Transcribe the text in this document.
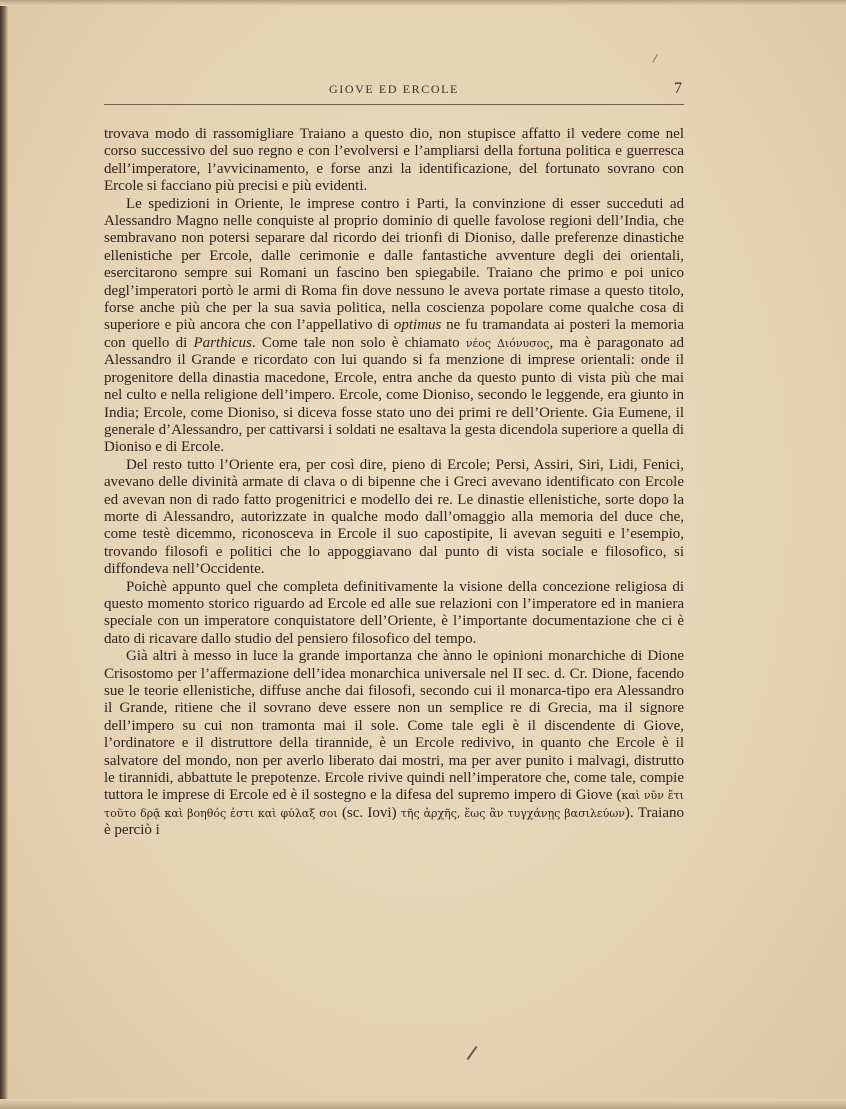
GIOVE ED ERCOLE	7

trovava modo di rassomigliare Traiano a questo dio, non stupisce affatto il vedere come nel corso successivo del suo regno e con l’evolversi e l’ampliarsi della fortuna politica e guerresca dell’imperatore, l’avvicinamento, e forse anzi la identificazione, del fortunato sovrano con Ercole si facciano più precisi e più evidenti.

Le spedizioni in Oriente, le imprese contro i Parti, la convinzione di esser succeduti ad Alessandro Magno nelle conquiste al proprio dominio di quelle favolose regioni dell’India, che sembravano non potersi separare dal ricordo dei trionfi di Dioniso, dalle preferenze dinastiche ellenistiche per Ercole, dalle cerimonie e dalle fantastiche avventure degli dei orientali, esercitarono sempre sui Romani un fascino ben spiegabile. Traiano che primo e poi unico degl’imperatori portò le armi di Roma fin dove nessuno le aveva portate rimase a questo titolo, forse anche più che per la sua savia politica, nella coscienza popolare come qualche cosa di superiore e più ancora che con l’appellativo di optimus ne fu tramandata ai posteri la memoria con quello di Parthicus. Come tale non solo è chiamato νέος Διόνυσος, ma è paragonato ad Alessandro il Grande e ricordato con lui quando si fa menzione di imprese orientali: onde il progenitore della dinastia macedone, Ercole, entra anche da questo punto di vista più che mai nel culto e nella religione dell’impero. Ercole, come Dioniso, secondo le leggende, era giunto in India; Ercole, come Dioniso, si diceva fosse stato uno dei primi re dell’Oriente. Gia Eumene, il generale d’Alessandro, per cattivarsi i soldati ne esaltava la gesta dicendola superiore a quella di Dioniso e di Ercole.

Del resto tutto l’Oriente era, per così dire, pieno di Ercole; Persi, Assiri, Siri, Lidi, Fenici, avevano delle divinità armate di clava o di bipenne che i Greci avevano identificato con Ercole ed avevan non di rado fatto progenitrici e modello dei re. Le dinastie ellenistiche, sorte dopo la morte di Alessandro, autorizzate in qualche modo dall’omaggio alla memoria del duce che, come testè dicemmo, riconosceva in Ercole il suo capostipite, li avevan seguiti e l’esempio, trovando filosofi e politici che lo appoggiavano dal punto di vista sociale e filosofico, si diffondeva nell’Occidente.

Poichè appunto quel che completa definitivamente la visione della concezione religiosa di questo momento storico riguardo ad Ercole ed alle sue relazioni con l’imperatore ed in maniera speciale con un imperatore conquistatore dell’Oriente, è l’importante documentazione che ci è dato di ricavare dallo studio del pensiero filosofico del tempo.

Già altri à messo in luce la grande importanza che ànno le opinioni monarchiche di Dione Crisostomo per l’affermazione dell’idea monarchica universale nel II sec. d. Cr. Dione, facendo sue le teorie ellenistiche, diffuse anche dai filosofi, secondo cui il monarca-tipo era Alessandro il Grande, ritiene che il sovrano deve essere non un semplice re di Grecia, ma il signore dell’impero su cui non tramonta mai il sole. Come tale egli è il discendente di Giove, l’ordinatore e il distruttore della tirannide, è un Ercole redivivo, in quanto che Ercole è il salvatore del mondo, non per averlo liberato dai mostri, ma per aver punito i malvagi, distrutto le tirannidi, abbattute le prepotenze. Ercole rivive quindi nell’imperatore che, come tale, compie tuttora le imprese di Ercole ed è il sostegno e la difesa del supremo impero di Giove (καὶ νῦν ἔτι τοῦτο δρᾷ καὶ βοηθός ἐστι καὶ φύλαξ σοι (sc. Iovi) τῆς ἀρχῆς, ἕως ἂν τυγχάνῃς βασιλεύων). Traiano è perciò i
